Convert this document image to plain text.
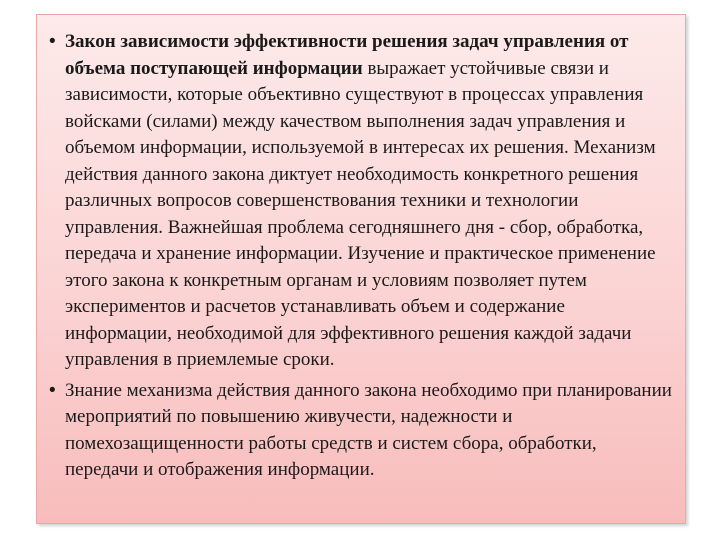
• Закон зависимости эффективности решения задач управления от объема поступающей информации выражает устойчивые связи и зависимости, которые объективно существуют в процессах управления войсками (силами) между качеством выполнения задач управления и объемом информации, используемой в интересах их решения. Механизм действия данного закона диктует необходимость конкретного решения различных вопросов совершенствования техники и технологии управления. Важнейшая проблема сегодняшнего дня - сбор, обработка, передача и хранение информации. Изучение и практическое применение этого закона к конкретным органам и условиям позволяет путем экспериментов и расчетов устанавливать объем и содержание информации, необходимой для эффективного решения каждой задачи управления в приемлемые сроки.
• Знание механизма действия данного закона необходимо при планировании мероприятий по повышению живучести, надежности и помехозащищенности работы средств и систем сбора, обработки, передачи и отображения информации.
